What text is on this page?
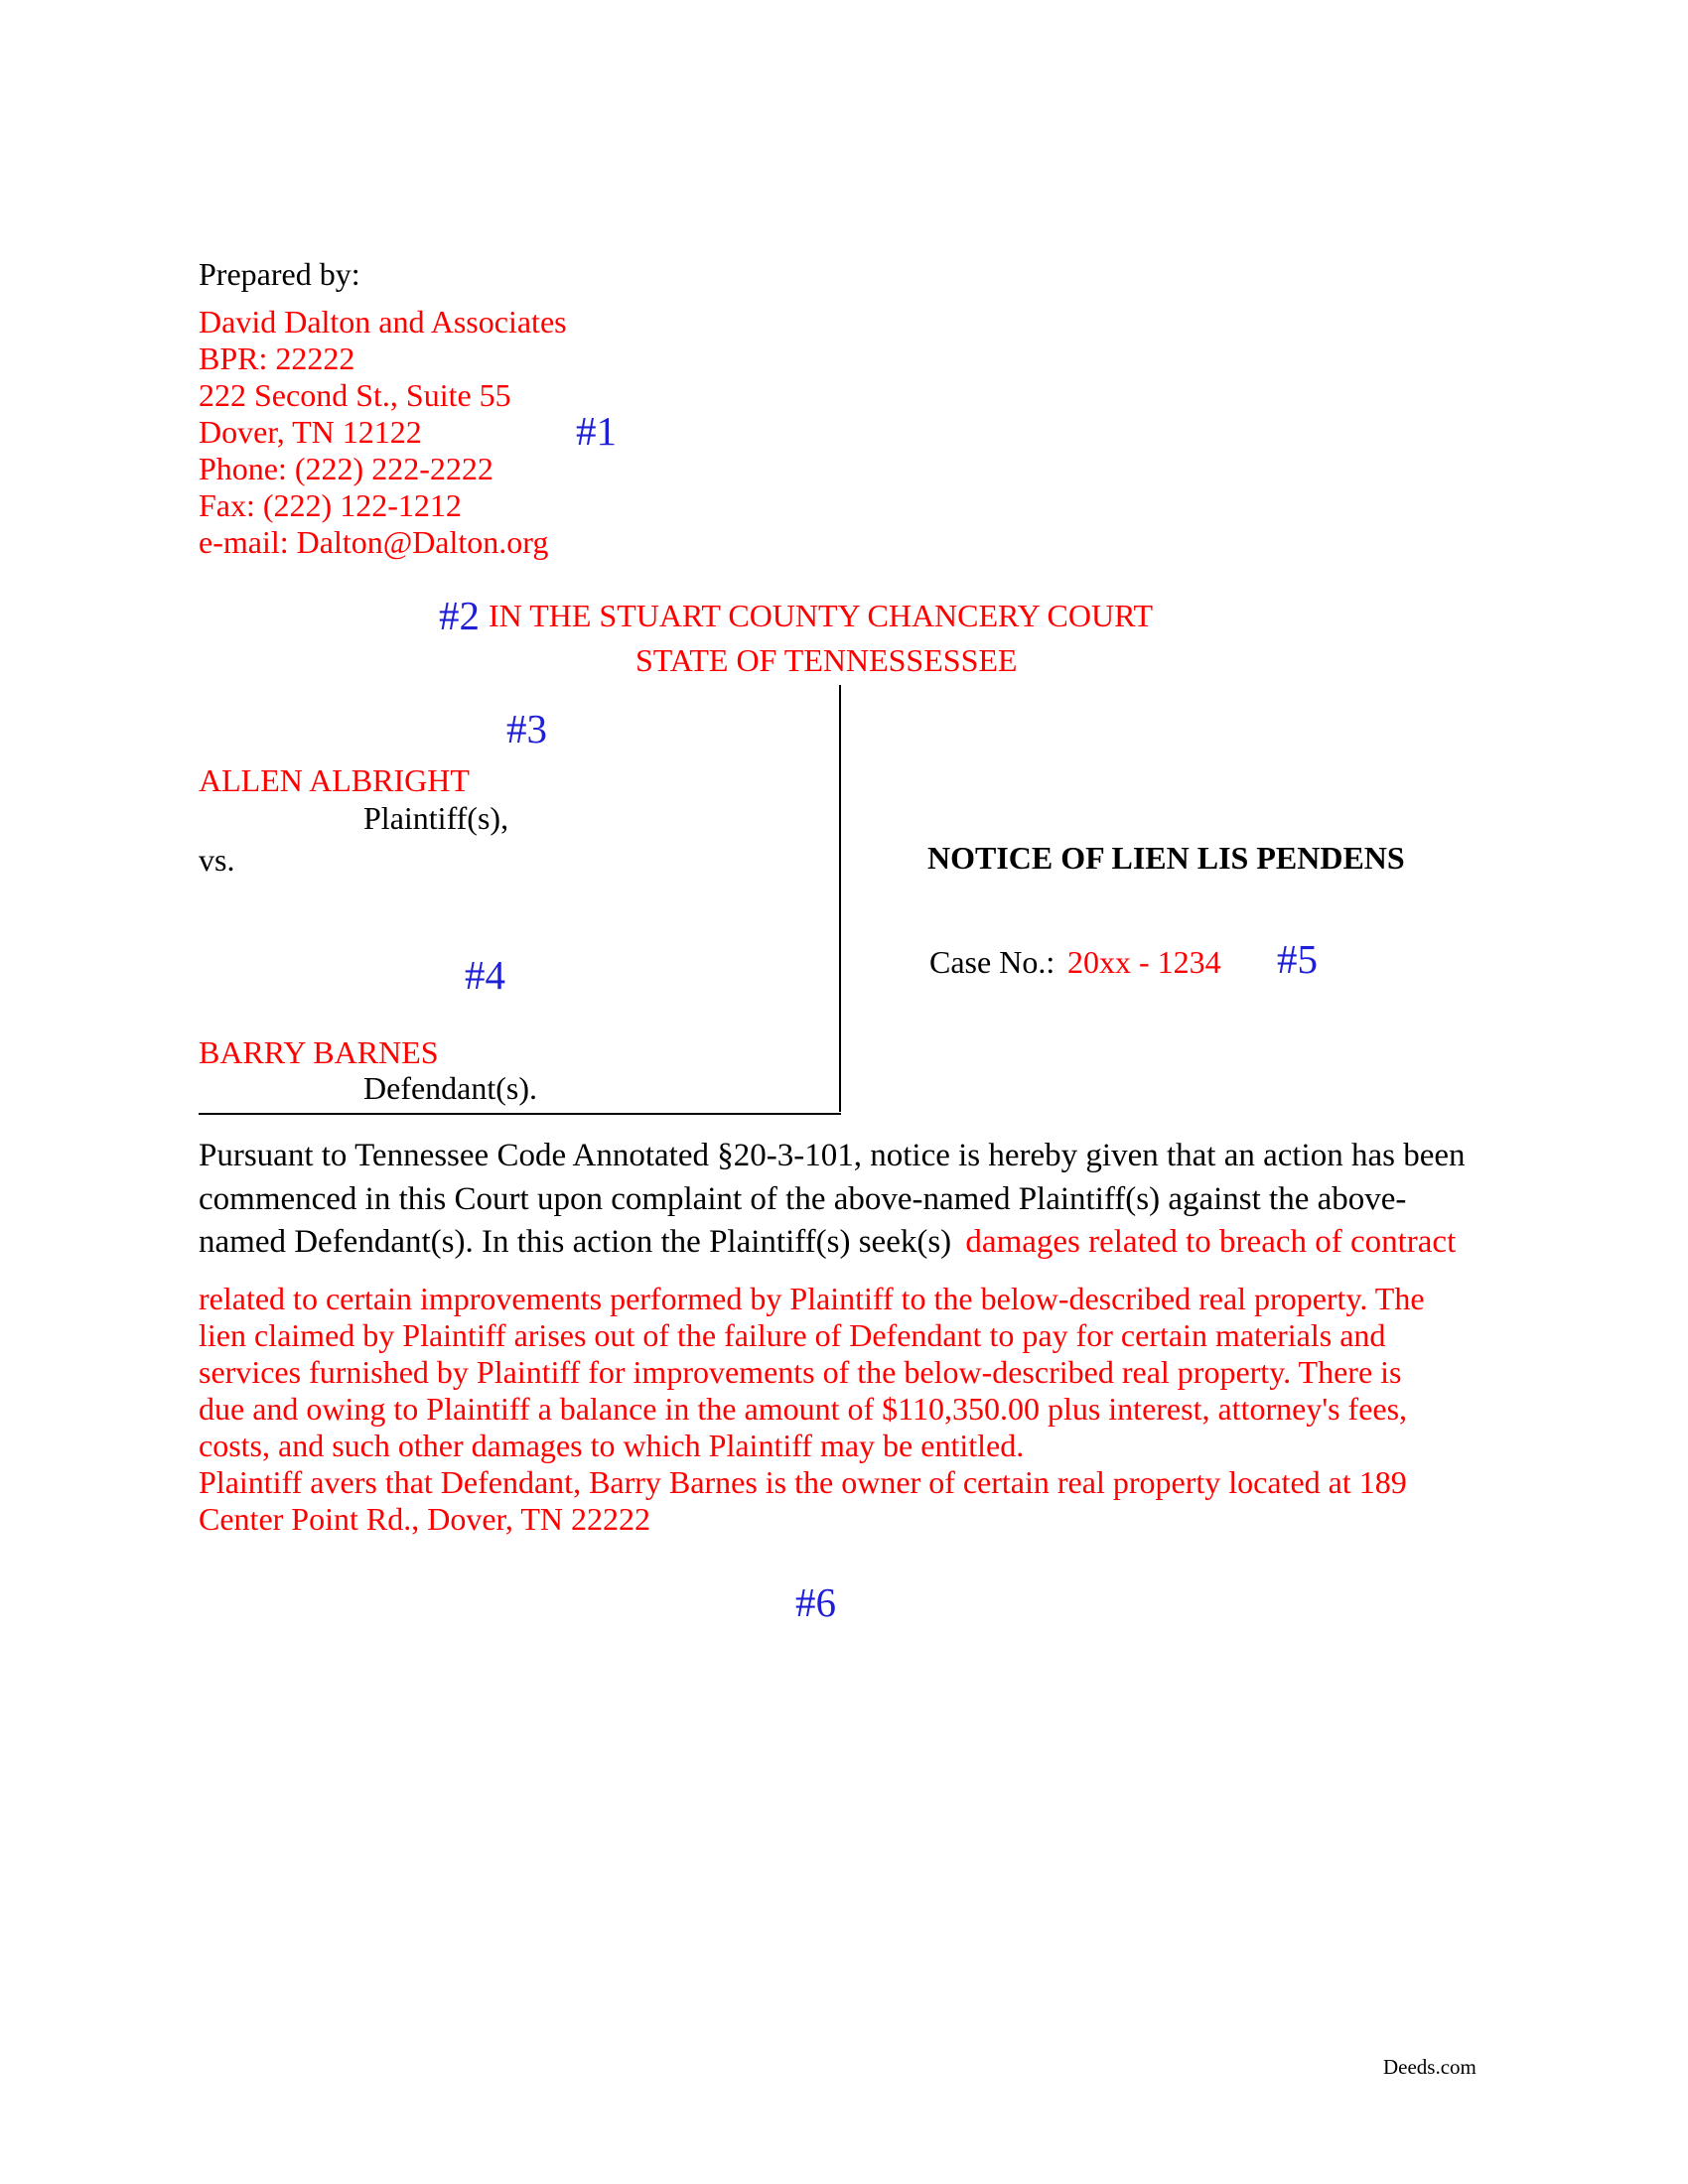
Prepared by:
David Dalton and Associates
BPR: 22222
222 Second St., Suite 55
Dover, TN 12122
Phone: (222) 222-2222
Fax: (222) 122-1212
e-mail: Dalton@Dalton.org
#1
#2 IN THE STUART COUNTY CHANCERY COURT
STATE OF TENNESSESSEE
#3
ALLEN ALBRIGHT
Plaintiff(s),
vs.
#4
BARRY BARNES
Defendant(s).
NOTICE OF LIEN LIS PENDENS
Case No.: 20xx - 1234 #5
Pursuant to Tennessee Code Annotated §20-3-101, notice is hereby given that an action has been
commenced in this Court upon complaint of the above-named Plaintiff(s) against the above-
named Defendant(s). In this action the Plaintiff(s) seek(s) damages related to breach of contract
related to certain improvements performed by Plaintiff to the below-described real property. The
lien claimed by Plaintiff arises out of the failure of Defendant to pay for certain materials and
services furnished by Plaintiff for improvements of the below-described real property. There is
due and owing to Plaintiff a balance in the amount of $110,350.00 plus interest, attorney's fees,
costs, and such other damages to which Plaintiff may be entitled.
Plaintiff avers that Defendant, Barry Barnes is the owner of certain real property located at 189
Center Point Rd., Dover, TN 22222
#6
Deeds.com
